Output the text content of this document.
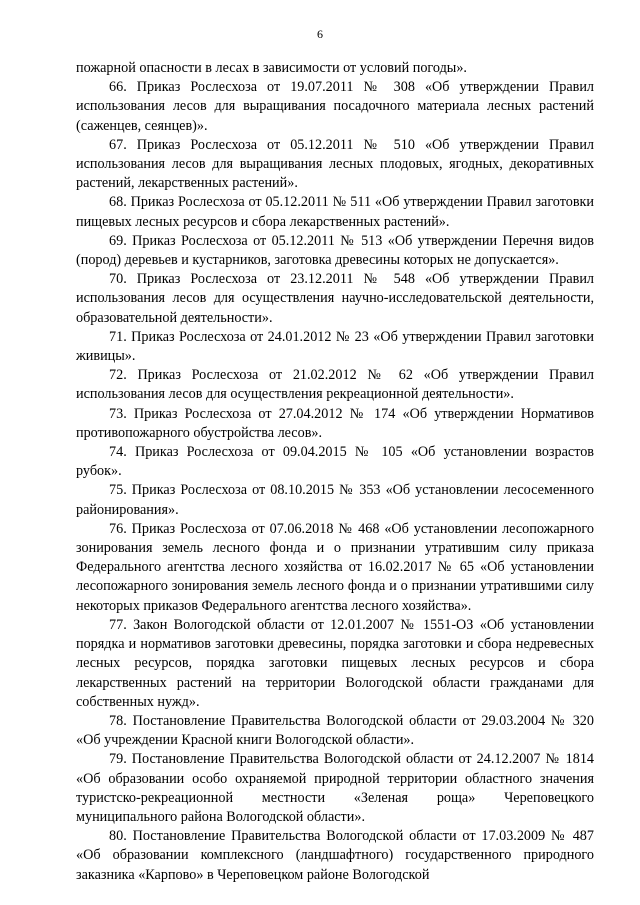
6

пожарной опасности в лесах в зависимости от условий погоды».

66. Приказ Рослесхоза от 19.07.2011 № 308 «Об утверждении Правил использования лесов для выращивания посадочного материала лесных растений (саженцев, сеянцев)».

67. Приказ Рослесхоза от 05.12.2011 № 510 «Об утверждении Правил использования лесов для выращивания лесных плодовых, ягодных, декоративных растений, лекарственных растений».

68. Приказ Рослесхоза от 05.12.2011 № 511 «Об утверждении Правил заготовки пищевых лесных ресурсов и сбора лекарственных растений».

69. Приказ Рослесхоза от 05.12.2011 № 513 «Об утверждении Перечня видов (пород) деревьев и кустарников, заготовка древесины которых не допускается».

70. Приказ Рослесхоза от 23.12.2011 № 548 «Об утверждении Правил использования лесов для осуществления научно-исследовательской деятельности, образовательной деятельности».

71. Приказ Рослесхоза от 24.01.2012 № 23 «Об утверждении Правил заготовки живицы».

72. Приказ Рослесхоза от 21.02.2012 № 62 «Об утверждении Правил использования лесов для осуществления рекреационной деятельности».

73. Приказ Рослесхоза от 27.04.2012 № 174 «Об утверждении Нормативов противопожарного обустройства лесов».

74. Приказ Рослесхоза от 09.04.2015 № 105 «Об установлении возрастов рубок».

75. Приказ Рослесхоза от 08.10.2015 № 353 «Об установлении лесосеменного районирования».

76. Приказ Рослесхоза от 07.06.2018 № 468 «Об установлении лесопожарного зонирования земель лесного фонда и о признании утратившим силу приказа Федерального агентства лесного хозяйства от 16.02.2017 № 65 «Об установлении лесопожарного зонирования земель лесного фонда и о признании утратившими силу некоторых приказов Федерального агентства лесного хозяйства».

77. Закон Вологодской области от 12.01.2007 № 1551-ОЗ «Об установлении порядка и нормативов заготовки древесины, порядка заготовки и сбора недревесных лесных ресурсов, порядка заготовки пищевых лесных ресурсов и сбора лекарственных растений на территории Вологодской области гражданами для собственных нужд».

78. Постановление Правительства Вологодской области от 29.03.2004 № 320 «Об учреждении Красной книги Вологодской области».

79. Постановление Правительства Вологодской области от 24.12.2007 № 1814 «Об образовании особо охраняемой природной территории областного значения туристско-рекреационной местности «Зеленая роща» Череповецкого муниципального района Вологодской области».

80. Постановление Правительства Вологодской области от 17.03.2009 № 487 «Об образовании комплексного (ландшафтного) государственного природного заказника «Карпово» в Череповецком районе Вологодской
